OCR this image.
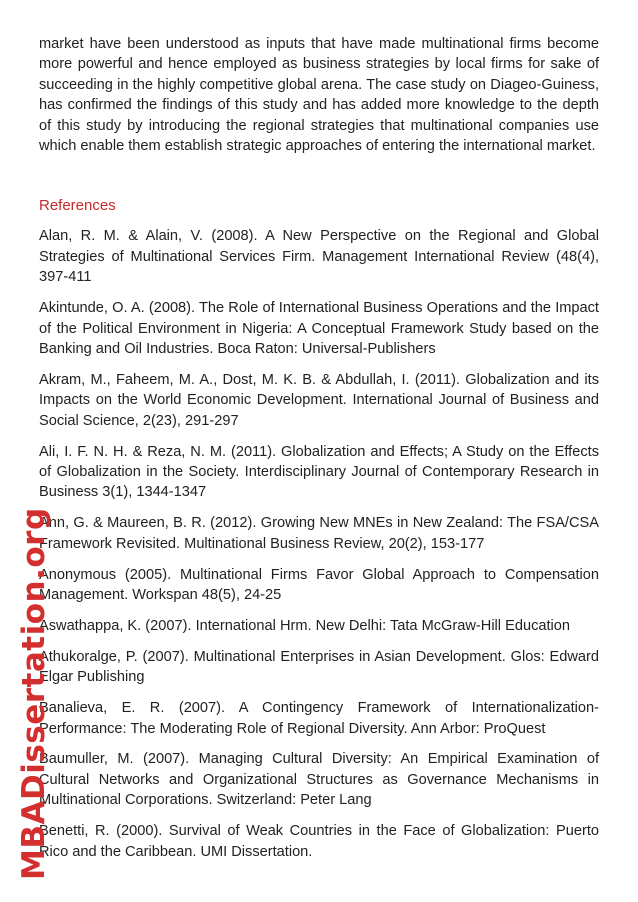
market have been understood as inputs that have made multinational firms become more powerful and hence employed as business strategies by local firms for sake of succeeding in the highly competitive global arena. The case study on Diageo-Guiness, has confirmed the findings of this study and has added more knowledge to the depth of this study by introducing the regional strategies that multinational companies use which enable them establish strategic approaches of entering the international market.

References

Alan, R. M. & Alain, V. (2008). A New Perspective on the Regional and Global Strategies of Multinational Services Firm. Management International Review (48(4), 397-411

Akintunde, O. A. (2008). The Role of International Business Operations and the Impact of the Political Environment in Nigeria: A Conceptual Framework Study based on the Banking and Oil Industries. Boca Raton: Universal-Publishers

Akram, M., Faheem, M. A., Dost, M. K. B. & Abdullah, I. (2011). Globalization and its Impacts on the World Economic Development. International Journal of Business and Social Science, 2(23), 291-297

Ali, I. F. N. H. & Reza, N. M. (2011). Globalization and Effects; A Study on the Effects of Globalization in the Society. Interdisciplinary Journal of Contemporary Research in Business 3(1), 1344-1347

Ann, G. & Maureen, B. R. (2012). Growing New MNEs in New Zealand: The FSA/CSA Framework Revisited. Multinational Business Review, 20(2), 153-177

Anonymous (2005). Multinational Firms Favor Global Approach to Compensation Management. Workspan 48(5), 24-25

Aswathappa, K. (2007). International Hrm. New Delhi: Tata McGraw-Hill Education

Athukoralge, P. (2007). Multinational Enterprises in Asian Development. Glos: Edward Elgar Publishing

Banalieva, E. R. (2007). A Contingency Framework of Internationalization-Performance: The Moderating Role of Regional Diversity. Ann Arbor: ProQuest

Baumuller, M. (2007). Managing Cultural Diversity: An Empirical Examination of Cultural Networks and Organizational Structures as Governance Mechanisms in Multinational Corporations. Switzerland: Peter Lang

Benetti, R. (2000). Survival of Weak Countries in the Face of Globalization: Puerto Rico and the Caribbean. UMI Dissertation.

MBADissertation.org
